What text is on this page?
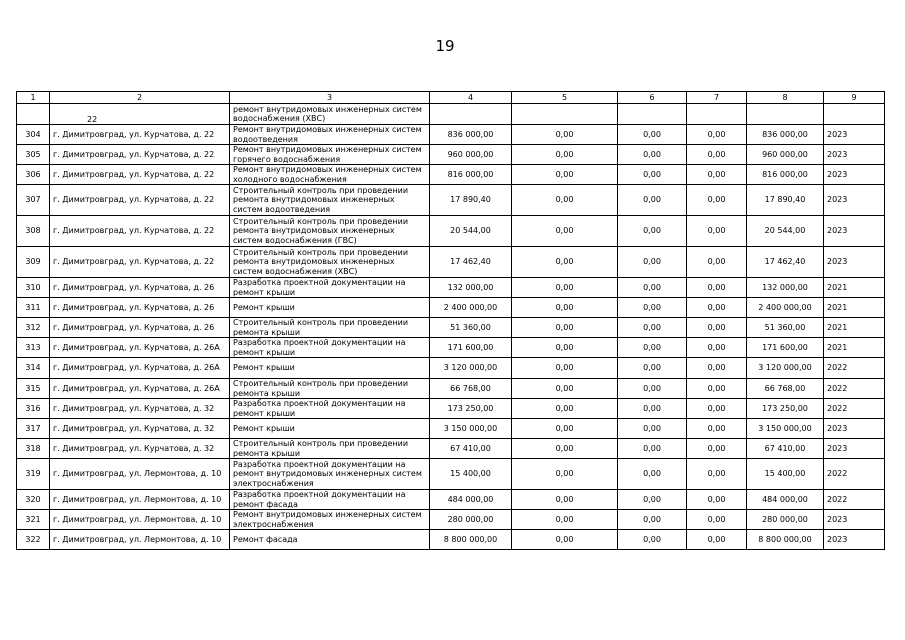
19
1	2	3	4	5	6	7	8	9
	22	ремонт внутридомовых инженерных систем водоснабжения (ХВС)						
304	г. Димитровград, ул. Курчатова, д. 22	Ремонт внутридомовых инженерных систем водоотведения	836 000,00	0,00	0,00	0,00	836 000,00	2023
305	г. Димитровград, ул. Курчатова, д. 22	Ремонт внутридомовых инженерных систем горячего водоснабжения	960 000,00	0,00	0,00	0,00	960 000,00	2023
306	г. Димитровград, ул. Курчатова, д. 22	Ремонт внутридомовых инженерных систем холодного водоснабжения	816 000,00	0,00	0,00	0,00	816 000,00	2023
307	г. Димитровград, ул. Курчатова, д. 22	Строительный контроль при проведении ремонта внутридомовых инженерных систем водоотведения	17 890,40	0,00	0,00	0,00	17 890,40	2023
308	г. Димитровград, ул. Курчатова, д. 22	Строительный контроль при проведении ремонта внутридомовых инженерных систем водоснабжения (ГВС)	20 544,00	0,00	0,00	0,00	20 544,00	2023
309	г. Димитровград, ул. Курчатова, д. 22	Строительный контроль при проведении ремонта внутридомовых инженерных систем водоснабжения (ХВС)	17 462,40	0,00	0,00	0,00	17 462,40	2023
310	г. Димитровград, ул. Курчатова, д. 26	Разработка проектной документации на ремонт крыши	132 000,00	0,00	0,00	0,00	132 000,00	2021
311	г. Димитровград, ул. Курчатова, д. 26	Ремонт крыши	2 400 000,00	0,00	0,00	0,00	2 400 000,00	2021
312	г. Димитровград, ул. Курчатова, д. 26	Строительный контроль при проведении ремонта крыши	51 360,00	0,00	0,00	0,00	51 360,00	2021
313	г. Димитровград, ул. Курчатова, д. 26А	Разработка проектной документации на ремонт крыши	171 600,00	0,00	0,00	0,00	171 600,00	2021
314	г. Димитровград, ул. Курчатова, д. 26А	Ремонт крыши	3 120 000,00	0,00	0,00	0,00	3 120 000,00	2022
315	г. Димитровград, ул. Курчатова, д. 26А	Строительный контроль при проведении ремонта крыши	66 768,00	0,00	0,00	0,00	66 768,00	2022
316	г. Димитровград, ул. Курчатова, д. 32	Разработка проектной документации на ремонт крыши	173 250,00	0,00	0,00	0,00	173 250,00	2022
317	г. Димитровград, ул. Курчатова, д. 32	Ремонт крыши	3 150 000,00	0,00	0,00	0,00	3 150 000,00	2023
318	г. Димитровград, ул. Курчатова, д. 32	Строительный контроль при проведении ремонта крыши	67 410,00	0,00	0,00	0,00	67 410,00	2023
319	г. Димитровград, ул. Лермонтова, д. 10	Разработка проектной документации на ремонт внутридомовых инженерных систем электроснабжения	15 400,00	0,00	0,00	0,00	15 400,00	2022
320	г. Димитровград, ул. Лермонтова, д. 10	Разработка проектной документации на ремонт фасада	484 000,00	0,00	0,00	0,00	484 000,00	2022
321	г. Димитровград, ул. Лермонтова, д. 10	Ремонт внутридомовых инженерных систем электроснабжения	280 000,00	0,00	0,00	0,00	280 000,00	2023
322	г. Димитровград, ул. Лермонтова, д. 10	Ремонт фасада	8 800 000,00	0,00	0,00	0,00	8 800 000,00	2023
